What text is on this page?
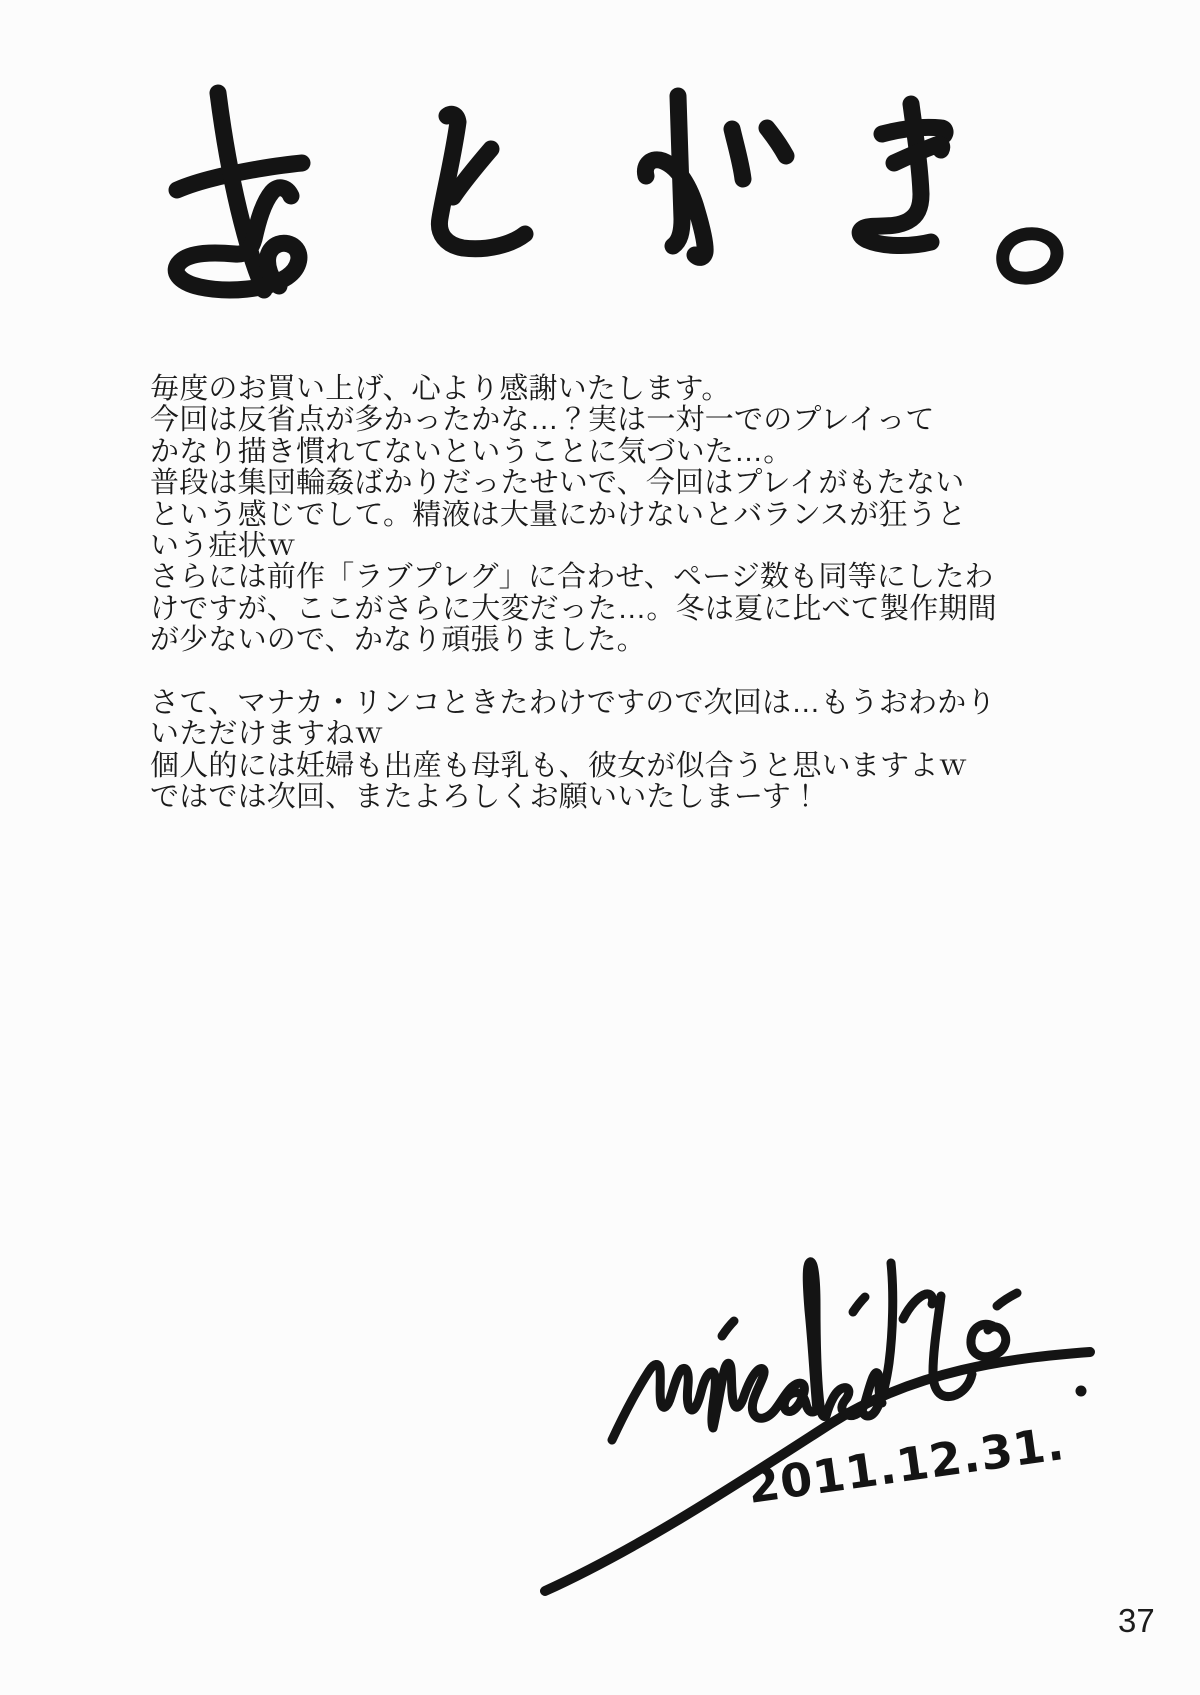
2011.12.31.
毎度のお買い上げ、心より感謝いたします。
今回は反省点が多かったかな…？実は一対一でのプレイって
かなり描き慣れてないということに気づいた…。
普段は集団輪姦ばかりだったせいで、今回はプレイがもたない
という感じでして。精液は大量にかけないとバランスが狂うと
いう症状ｗ
さらには前作「ラブプレグ」に合わせ、ページ数も同等にしたわ
けですが、ここがさらに大変だった…。冬は夏に比べて製作期間
が少ないので、かなり頑張りました。
さて、マナカ・リンコときたわけですので次回は…もうおわかり
いただけますねｗ
個人的には妊婦も出産も母乳も、彼女が似合うと思いますよｗ
ではでは次回、またよろしくお願いいたしまーす！
37
